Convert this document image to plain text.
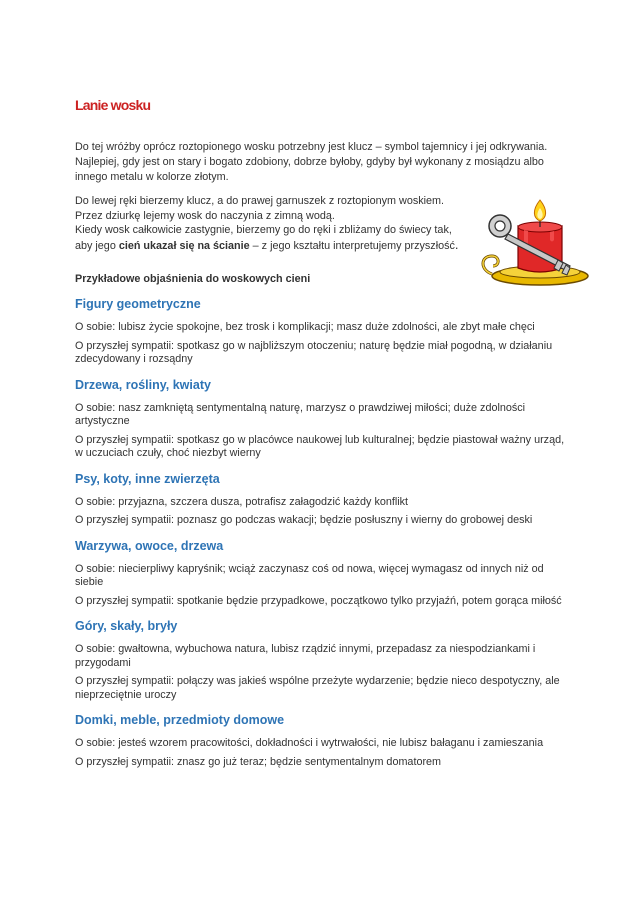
Lanie wosku
Do tej wróżby oprócz roztopionego wosku potrzebny jest klucz – symbol tajemnicy i jej odkrywania. Najlepiej, gdy jest on stary i bogato zdobiony, dobrze byłoby, gdyby był wykonany z mosiądzu albo innego metalu w kolorze złotym.
Do lewej ręki bierzemy klucz, a do prawej garnuszek z roztopionym woskiem.
Przez dziurkę lejemy wosk do naczynia z zimną wodą.
Kiedy wosk całkowicie zastygnie, bierzemy go do ręki i zbliżamy do świecy tak,
aby jego cień ukazał się na ścianie – z jego kształtu interpretujemy przyszłość.
Przykładowe objaśnienia do woskowych cieni
Figury geometryczne
O sobie: lubisz życie spokojne, bez trosk i komplikacji; masz duże zdolności, ale zbyt małe chęci
O przyszłej sympatii: spotkasz go w najbliższym otoczeniu; naturę będzie miał pogodną, w działaniu zdecydowany i rozsądny
Drzewa, rośliny, kwiaty
O sobie: nasz zamkniętą sentymentalną naturę, marzysz o prawdziwej miłości; duże zdolności artystyczne
O przyszłej sympatii: spotkasz go w placówce naukowej lub kulturalnej; będzie piastował ważny urząd, w uczuciach czuły, choć niezbyt wierny
Psy, koty, inne zwierzęta
O sobie: przyjazna, szczera dusza, potrafisz załagodzić każdy konflikt
O przyszłej sympatii: poznasz go podczas wakacji; będzie posłuszny i wierny do grobowej deski
Warzywa, owoce, drzewa
O sobie: niecierpliwy kapryśnik; wciąż zaczynasz coś od nowa, więcej wymagasz od innych niż od siebie
O przyszłej sympatii: spotkanie będzie przypadkowe, początkowo tylko przyjaźń, potem gorąca miłość
Góry, skały, bryły
O sobie: gwałtowna, wybuchowa natura, lubisz rządzić innymi, przepadasz za niespodziankami i przygodami
O przyszłej sympatii: połączy was jakieś wspólne przeżyte wydarzenie; będzie nieco despotyczny, ale nieprzeciętnie uroczy
Domki, meble, przedmioty domowe
O sobie: jesteś wzorem pracowitości, dokładności i wytrwałości, nie lubisz bałaganu i zamieszania
O przyszłej sympatii: znasz go już teraz; będzie sentymentalnym domatorem
